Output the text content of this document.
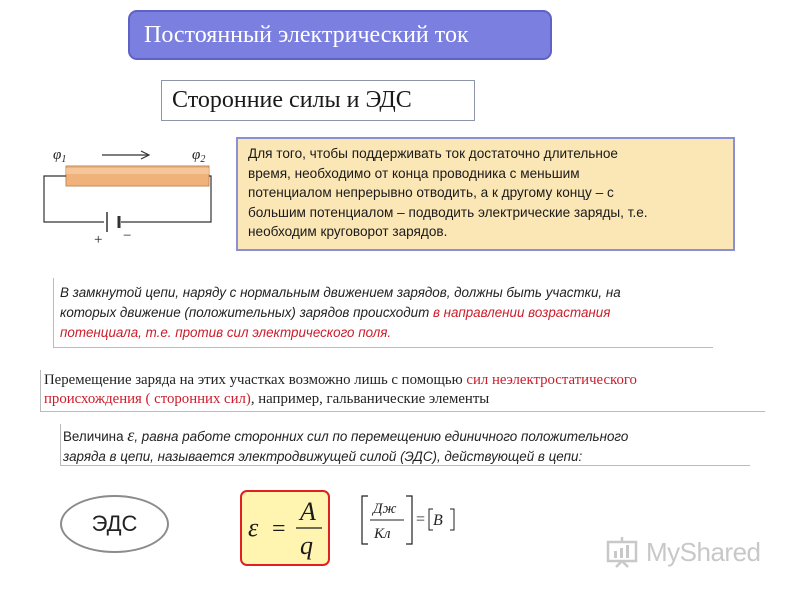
Постоянный электрический ток
Сторонние силы и ЭДС
$\varphi_1$	$\varphi_2$
+ −
Для того, чтобы поддерживать ток достаточно длительное
время, необходимо от конца проводника с меньшим
потенциалом непрерывно отводить, а к другому концу – с
большим потенциалом – подводить электрические заряды, т.е.
необходим круговорот зарядов.
В замкнутой цепи, наряду с нормальным движением зарядов, должны быть участки, на
которых движение (положительных) зарядов происходит в направлении возрастания
потенциала, т.е. против сил электрического поля.
Перемещение заряда на этих участках возможно лишь с помощью сил неэлектростатического
происхождения ( сторонних сил), например, гальванические элементы
Величина ε, равна работе сторонних сил по перемещению единичного положительного
заряда в цепи, называется электродвижущей силой (ЭДС), действующей в цепи:
ЭДС	ε =
A
q
Дж
Кл
= В
MyShared
